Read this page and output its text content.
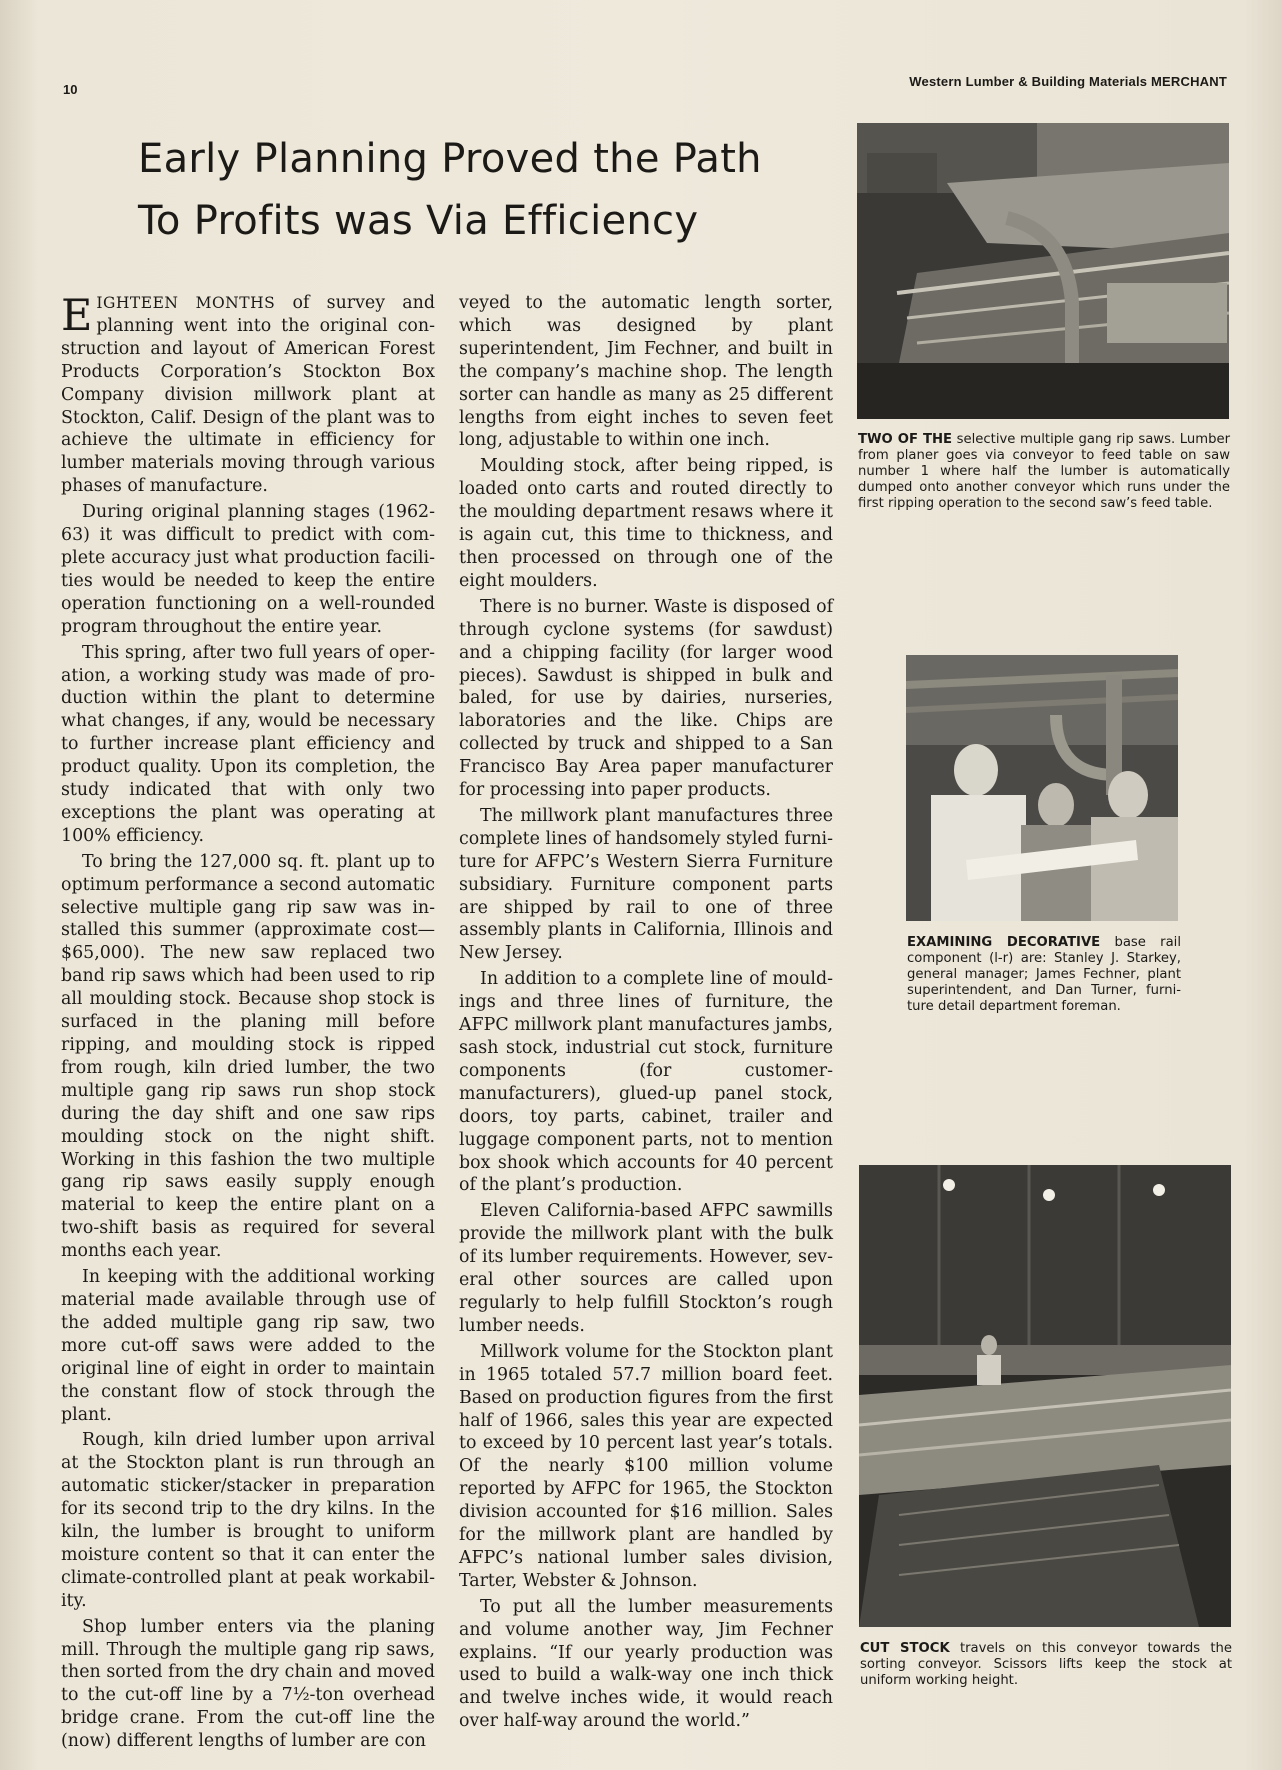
10
Western Lumber & Building Materials MERCHANT
Early Planning Proved the Path
To Profits was Via Efficiency

EIGHTEEN MONTHS of survey and planning went into the original construction and layout of American Forest Products Corporation’s Stockton Box Company division millwork plant at Stockton, Calif. Design of the plant was to achieve the ultimate in efficiency for lumber materials moving through various phases of manufacture.

During original planning stages (1962-63) it was difficult to predict with complete accuracy just what production facilities would be needed to keep the entire operation functioning on a well-rounded program throughout the entire year.

This spring, after two full years of operation, a working study was made of production within the plant to determine what changes, if any, would be necessary to further increase plant efficiency and product quality. Upon its completion, the study indicated that with only two exceptions the plant was operating at 100% efficiency.

To bring the 127,000 sq. ft. plant up to optimum performance a second automatic selective multiple gang rip saw was installed this summer (approximate cost—$65,000). The new saw replaced two band rip saws which had been used to rip all moulding stock. Because shop stock is surfaced in the planing mill before ripping, and moulding stock is ripped from rough, kiln dried lumber, the two multiple gang rip saws run shop stock during the day shift and one saw rips moulding stock on the night shift. Working in this fashion the two multiple gang rip saws easily supply enough material to keep the entire plant on a two-shift basis as required for several months each year.

In keeping with the additional working material made available through use of the added multiple gang rip saw, two more cut-off saws were added to the original line of eight in order to maintain the constant flow of stock through the plant.

Rough, kiln dried lumber upon arrival at the Stockton plant is run through an automatic sticker/stacker in preparation for its second trip to the dry kilns. In the kiln, the lumber is brought to uniform moisture content so that it can enter the climate-controlled plant at peak workability.

Shop lumber enters via the planing mill. Through the multiple gang rip saws, then sorted from the dry chain and moved to the cut-off line by a 7½-ton overhead bridge crane. From the cut-off line the (now) different lengths of lumber are con

veyed to the automatic length sorter, which was designed by plant superintendent, Jim Fechner, and built in the company’s machine shop. The length sorter can handle as many as 25 different lengths from eight inches to seven feet long, adjustable to within one inch.

Moulding stock, after being ripped, is loaded onto carts and routed directly to the moulding department resaws where it is again cut, this time to thickness, and then processed on through one of the eight moulders.

There is no burner. Waste is disposed of through cyclone systems (for sawdust) and a chipping facility (for larger wood pieces). Sawdust is shipped in bulk and baled, for use by dairies, nurseries, laboratories and the like. Chips are collected by truck and shipped to a San Francisco Bay Area paper manufacturer for processing into paper products.

The millwork plant manufactures three complete lines of handsomely styled furniture for AFPC’s Western Sierra Furniture subsidiary. Furniture component parts are shipped by rail to one of three assembly plants in California, Illinois and New Jersey.

In addition to a complete line of mouldings and three lines of furniture, the AFPC millwork plant manufactures jambs, sash stock, industrial cut stock, furniture components (for customer-manufacturers), glued-up panel stock, doors, toy parts, cabinet, trailer and luggage component parts, not to mention box shook which accounts for 40 percent of the plant’s production.

Eleven California-based AFPC sawmills provide the millwork plant with the bulk of its lumber requirements. However, several other sources are called upon regularly to help fulfill Stockton’s rough lumber needs.

Millwork volume for the Stockton plant in 1965 totaled 57.7 million board feet. Based on production figures from the first half of 1966, sales this year are expected to exceed by 10 percent last year’s totals. Of the nearly $100 million volume reported by AFPC for 1965, the Stockton division accounted for $16 million. Sales for the millwork plant are handled by AFPC’s national lumber sales division, Tarter, Webster & Johnson.

To put all the lumber measurements and volume another way, Jim Fechner explains. “If our yearly production was used to build a walk-way one inch thick and twelve inches wide, it would reach over half-way around the world.”

TWO OF THE selective multiple gang rip saws. Lumber from planer goes via conveyor to feed table on saw number 1 where half the lumber is automatically dumped onto another conveyor which runs under the first ripping operation to the second saw’s feed table.
EXAMINING DECORATIVE base rail component (l-r) are: Stanley J. Starkey, general manager; James Fechner, plant superintendent, and Dan Turner, furniture detail department foreman.
CUT STOCK travels on this conveyor towards the sorting conveyor. Scissors lifts keep the stock at uniform working height.
